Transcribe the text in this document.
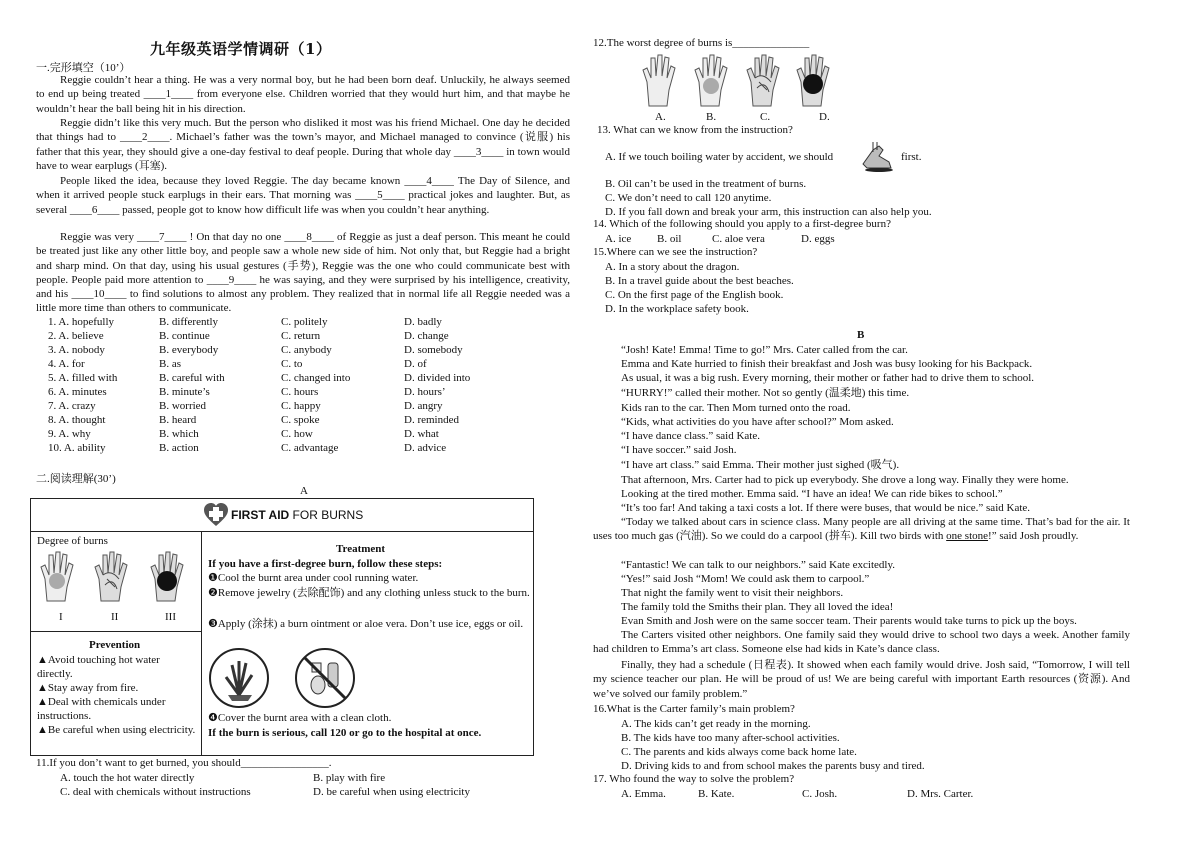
九年级英语学情调研（1）
一.完形填空（10’）
Reggie couldn’t hear a thing. He was a very normal boy, but he had been born deaf. Unluckily, he always seemed to end up being treated ____1____ from everyone else. Children worried that they would hurt him, and that maybe he wouldn’t hear the ball being hit in his direction.
Reggie didn’t like this very much. But the person who disliked it most was his friend Michael. One day he decided that things had to ____2____. Michael’s father was the town’s mayor, and Michael managed to convince (说服) his father that this year, they should give a one-day festival to deaf people. During that whole day ____3____ in town would have to wear earplugs (耳塞).
People liked the idea, because they loved Reggie. The day became known ____4____ The Day of Silence, and when it arrived people stuck earplugs in their ears. That morning was ____5____ practical jokes and laughter. But, as several ____6____ passed, people got to know how difficult life was when you couldn’t hear anything.
Reggie was very ____7____ ! On that day no one ____8____ of Reggie as just a deaf person. This meant he could be treated just like any other little boy, and people saw a whole new side of him. Not only that, but Reggie had a bright and sharp mind. On that day, using his usual gestures (手势), Reggie was the one who could communicate best with people. People paid more attention to ____9____ he was saying, and they were surprised by his intelligence, creativity, and his ____10____ to find solutions to almost any problem. They realized that in normal life all Reggie needed was a little more time than others to communicate.
1. A. hopefully	B. differently	C. politely	D. badly
2. A. believe	B. continue	C. return	D. change
3. A. nobody	B. everybody	C. anybody	D. somebody
4. A. for	B. as	C. to	D. of
5. A. filled with	B. careful with	C. changed into	D. divided into
6. A. minutes	B. minute’s	C. hours	D. hours’
7. A. crazy	B. worried	C. happy	D. angry
8. A. thought	B. heard	C. spoke	D. reminded
9. A. why	B. which	C. how	D. what
10. A. ability	B. action	C. advantage	D. advice
二.阅读理解(30’)
A
FIRST AID FOR BURNS
Degree of burns
I	II	III
Prevention
▲Avoid touching hot water directly.
▲Stay away from fire.
▲Deal with chemicals under instructions.
▲Be careful when using electricity.
Treatment
If you have a first-degree burn, follow these steps:
❶Cool the burnt area under cool running water.
❷Remove jewelry (去除配饰) and any clothing unless stuck to the burn.
❸Apply (涂抹) a burn ointment or aloe vera. Don’t use ice, eggs or oil.
❹Cover the burnt area with a clean cloth.
If the burn is serious, call 120 or go to the hospital at once.
11.If you don’t want to get burned, you should________________.
A. touch the hot water directly	B. play with fire
C. deal with chemicals without instructions	D. be careful when using electricity
12.The worst degree of burns is______________
A.	B.	C.	D.
13. What can we know from the instruction?
A. If we touch boiling water by accident, we should	first.
B. Oil can’t be used in the treatment of burns.
C. We don’t need to call 120 anytime.
D. If you fall down and break your arm, this instruction can also help you.
14. Which of the following should you apply to a first-degree burn?
A. ice B. oil	C. aloe vera	D. eggs
15.Where can we see the instruction?
A. In a story about the dragon.
B. In a travel guide about the best beaches.
C. On the first page of the English book.
D. In the workplace safety book.
B
“Josh! Kate! Emma! Time to go!” Mrs. Cater called from the car.
Emma and Kate hurried to finish their breakfast and Josh was busy looking for his Backpack.
As usual, it was a big rush. Every morning, their mother or father had to drive them to school.
“HURRY!” called their mother. Not so gently (温柔地) this time.
Kids ran to the car. Then Mom turned onto the road.
“Kids, what activities do you have after school?” Mom asked.
“I have dance class.” said Kate.
“I have soccer.” said Josh.
“I have art class.” said Emma. Their mother just sighed (吸气).
That afternoon, Mrs. Carter had to pick up everybody. She drove a long way. Finally they were home.
Looking at the tired mother. Emma said. “I have an idea! We can ride bikes to school.”
“It’s too far! And taking a taxi costs a lot. If there were buses, that would be nice.” said Kate.
“Today we talked about cars in science class. Many people are all driving at the same time. That’s bad for the air. It uses too much gas (汽油). So we could do a carpool (拼车). Kill two birds with one stone!” said Josh proudly.
“Fantastic! We can talk to our neighbors.” said Kate excitedly.
“Yes!” said Josh “Mom! We could ask them to carpool.”
That night the family went to visit their neighbors.
The family told the Smiths their plan. They all loved the idea!
Evan Smith and Josh were on the same soccer team. Their parents would take turns to pick up the boys.
The Carters visited other neighbors. One family said they would drive to school two days a week. Another family had children to Emma’s art class. Someone else had kids in Kate’s dance class.
Finally, they had a schedule (日程表). It showed when each family would drive. Josh said, “Tomorrow, I will tell my science teacher our plan. He will be proud of us! We are being careful with important Earth resources (资源). And we’ve solved our family problem.”
16.What is the Carter family’s main problem?
A. The kids can’t get ready in the morning.
B. The kids have too many after-school activities.
C. The parents and kids always come back home late.
D. Driving kids to and from school makes the parents busy and tired.
17. Who found the way to solve the problem?
A. Emma.	B. Kate.	C. Josh.	D. Mrs. Carter.
